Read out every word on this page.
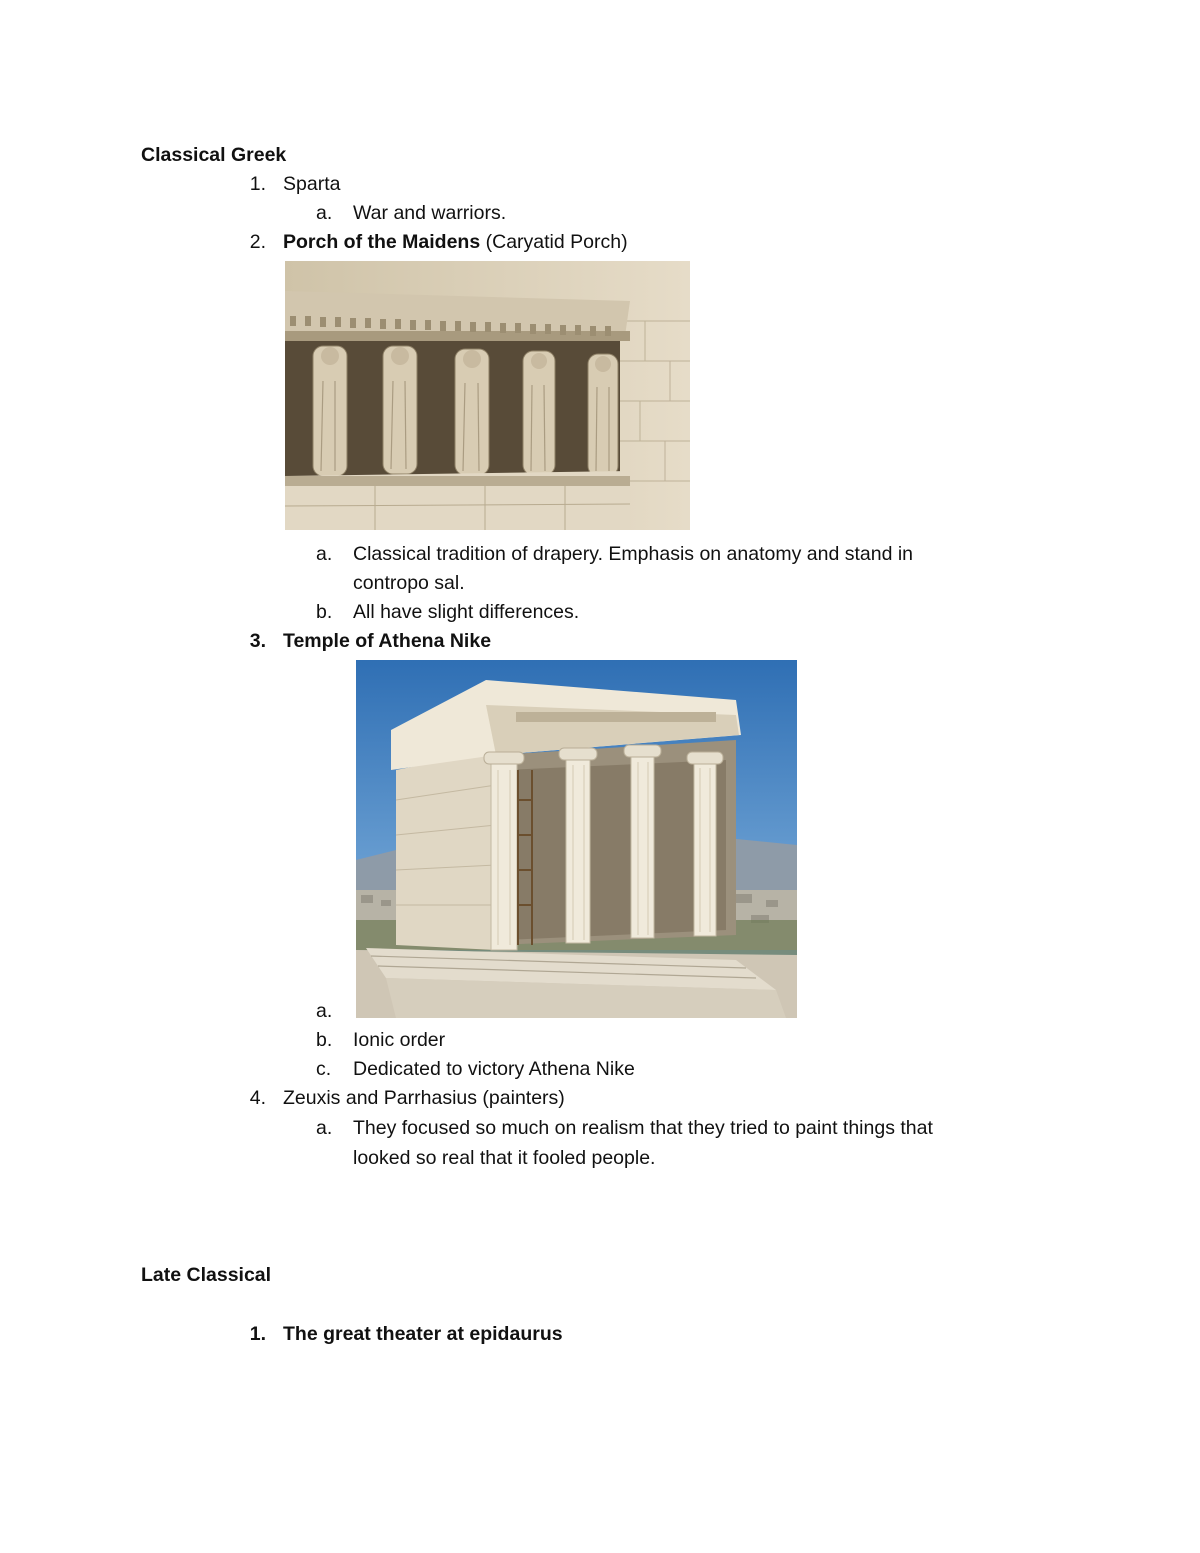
Classical Greek
1. Sparta
a. War and warriors.
2. Porch of the Maidens (Caryatid Porch)
a. Classical tradition of drapery. Emphasis on anatomy and stand in
contropo sal.
b. All have slight differences.
3. Temple of Athena Nike
a.
b. Ionic order
c. Dedicated to victory Athena Nike
4. Zeuxis and Parrhasius (painters)
a. They focused so much on realism that they tried to paint things that
looked so real that it fooled people.
Late Classical
1. The great theater at epidaurus
